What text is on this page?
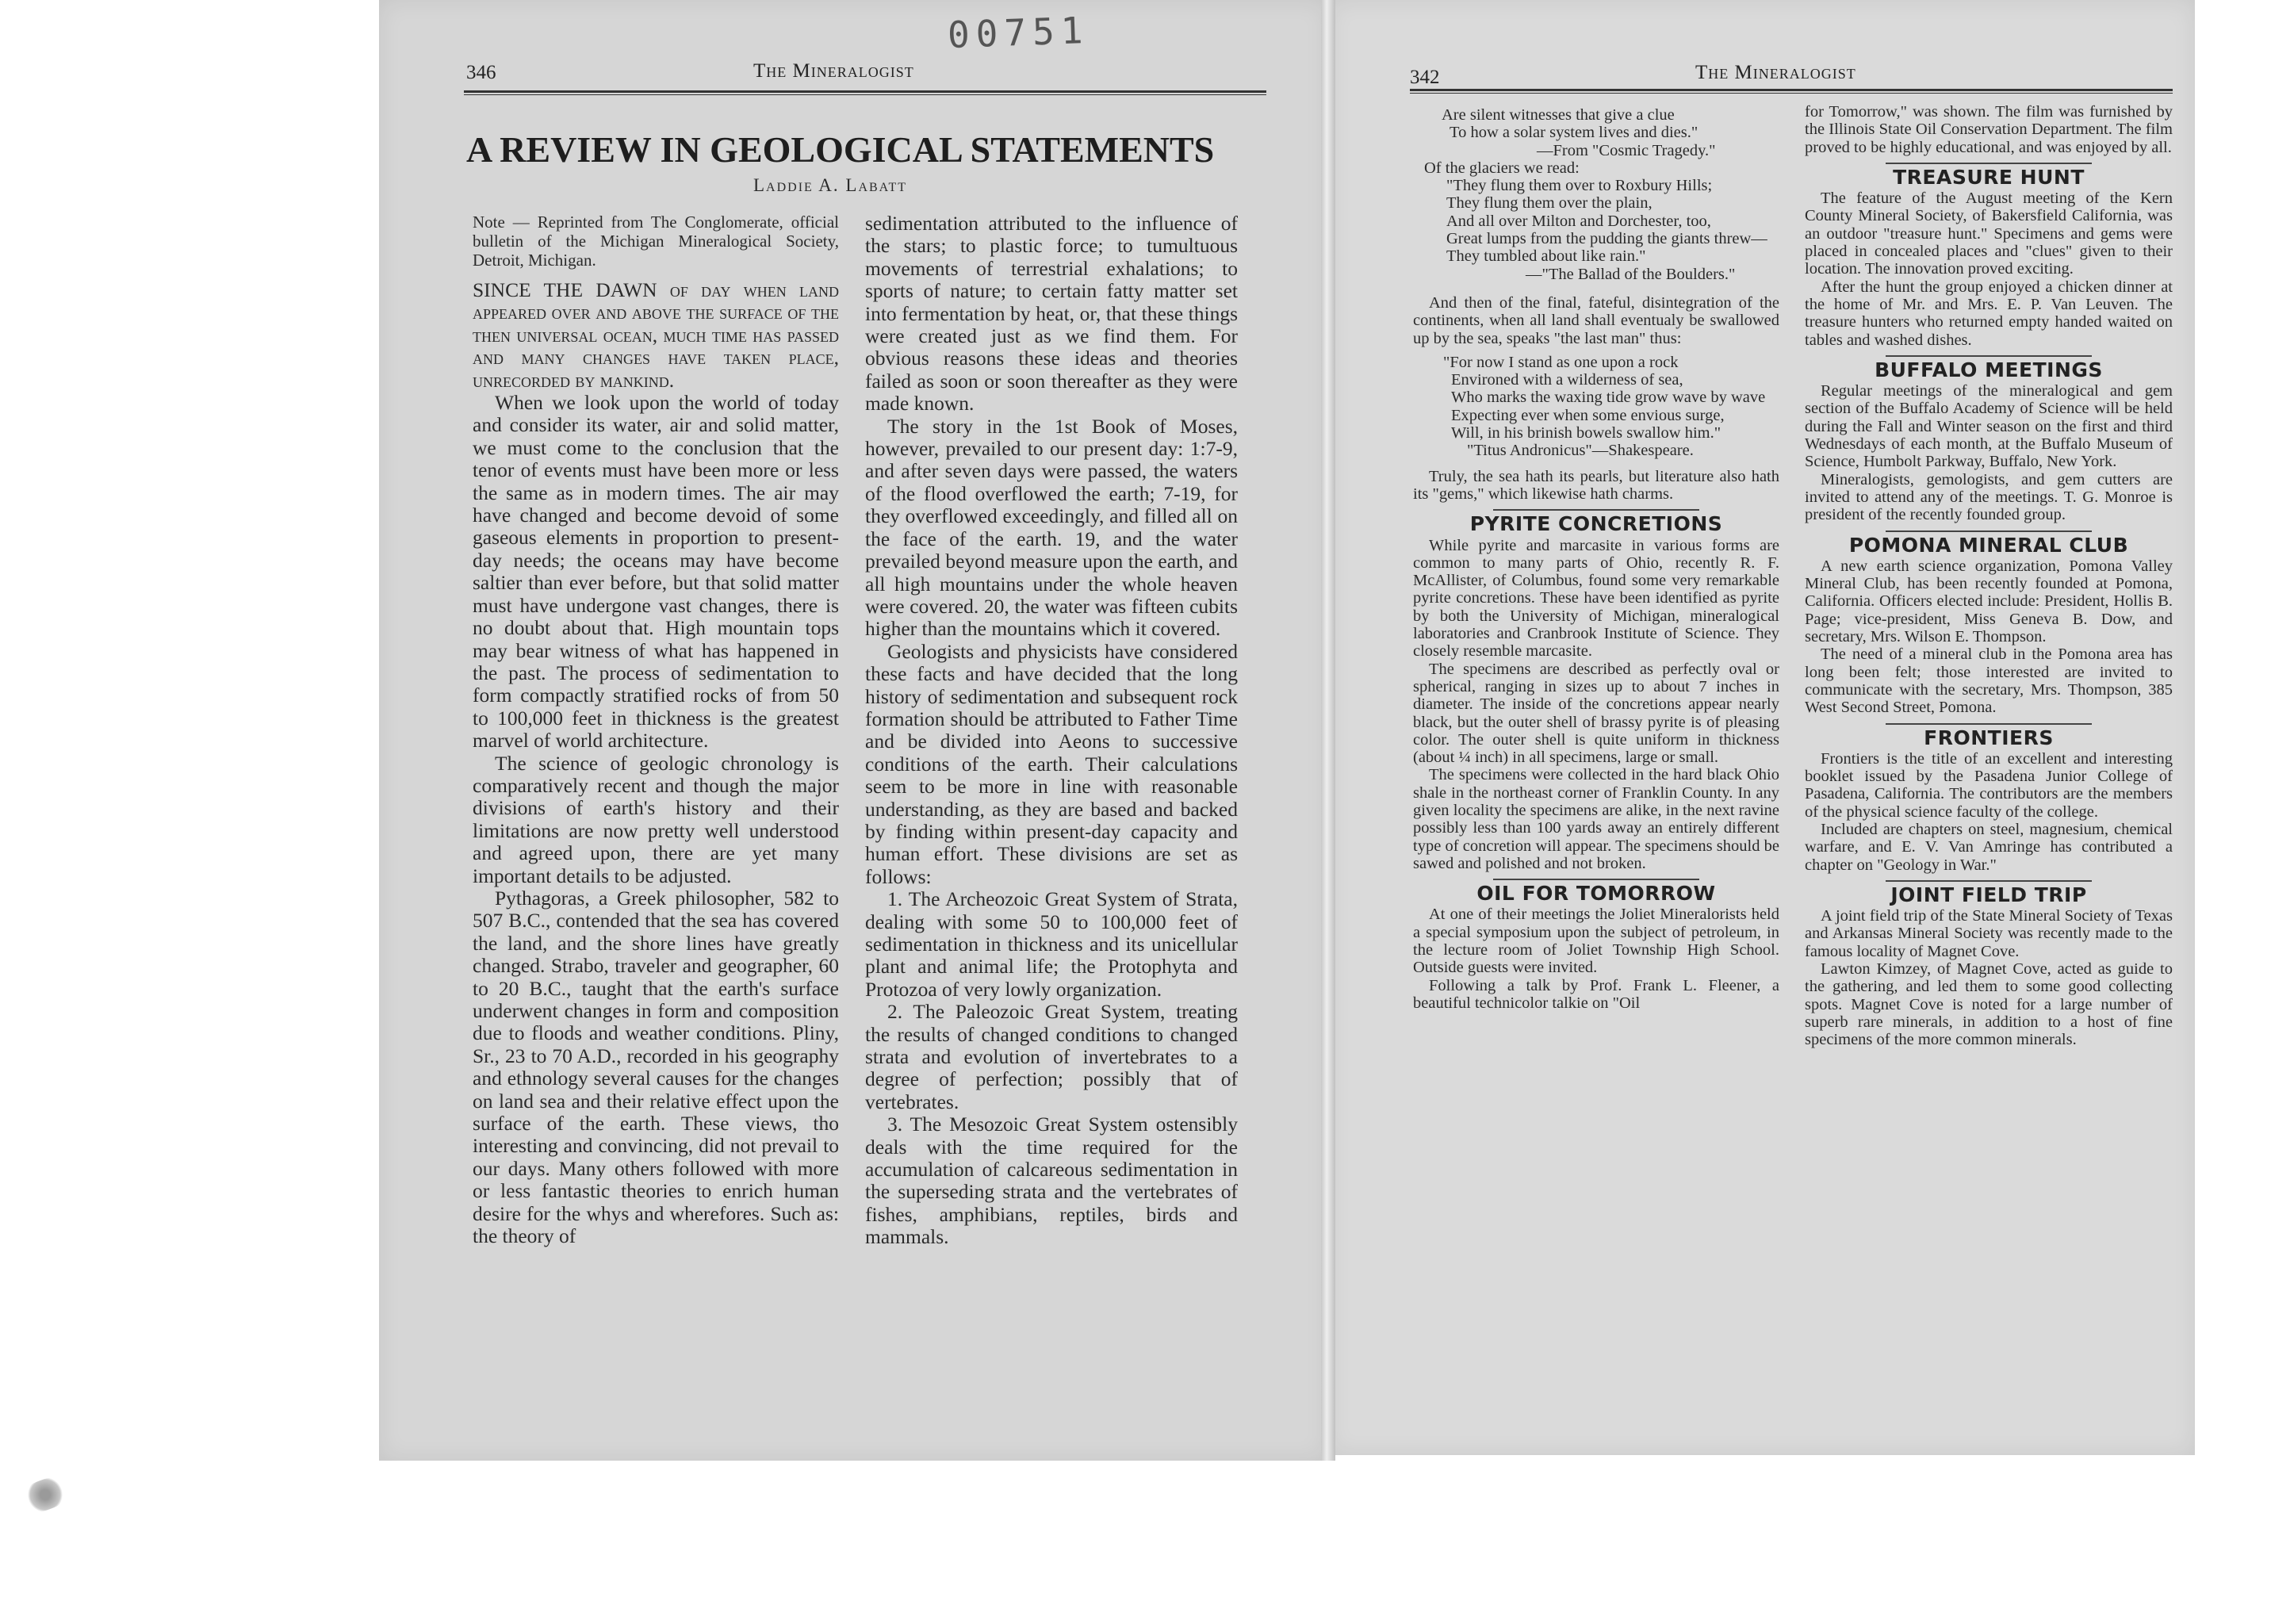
00751
346	The Mineralogist
A REVIEW IN GEOLOGICAL STATEMENTS
Laddie A. Labatt

Note — Reprinted from The Conglomerate, official bulletin of the Michigan Mineralogical Society, Detroit, Michigan.

SINCE THE DAWN of day when land appeared over and above the surface of the then universal ocean, much time has passed and many changes have taken place, unrecorded by mankind.

When we look upon the world of today and consider its water, air and solid matter, we must come to the conclusion that the tenor of events must have been more or less the same as in modern times. The air may have changed and become devoid of some gaseous elements in proportion to present-day needs; the oceans may have become saltier than ever before, but that solid matter must have undergone vast changes, there is no doubt about that. High mountain tops may bear witness of what has happened in the past. The process of sedimentation to form compactly stratified rocks of from 50 to 100,000 feet in thickness is the greatest marvel of world architecture.

The science of geologic chronology is comparatively recent and though the major divisions of earth's history and their limitations are now pretty well understood and agreed upon, there are yet many important details to be adjusted.

Pythagoras, a Greek philosopher, 582 to 507 B.C., contended that the sea has covered the land, and the shore lines have greatly changed. Strabo, traveler and geographer, 60 to 20 B.C., taught that the earth's surface underwent changes in form and composition due to floods and weather conditions. Pliny, Sr., 23 to 70 A.D., recorded in his geography and ethnology several causes for the changes on land sea and their relative effect upon the surface of the earth. These views, tho interesting and convincing, did not prevail to our days. Many others followed with more or less fantastic theories to enrich human desire for the whys and wherefores. Such as: the theory of

sedimentation attributed to the influence of the stars; to plastic force; to tumultuous movements of terrestrial exhalations; to sports of nature; to certain fatty matter set into fermentation by heat, or, that these things were created just as we find them. For obvious reasons these ideas and theories failed as soon or soon thereafter as they were made known.

The story in the 1st Book of Moses, however, prevailed to our present day: 1:7-9, and after seven days were passed, the waters of the flood overflowed the earth; 7-19, for they overflowed exceedingly, and filled all on the face of the earth. 19, and the water prevailed beyond measure upon the earth, and all high mountains under the whole heaven were covered. 20, the water was fifteen cubits higher than the mountains which it covered.

Geologists and physicists have considered these facts and have decided that the long history of sedimentation and subsequent rock formation should be attributed to Father Time and be divided into Aeons to successive conditions of the earth. Their calculations seem to be more in line with reasonable understanding, as they are based and backed by finding within present-day capacity and human effort. These divisions are set as follows:

1. The Archeozoic Great System of Strata, dealing with some 50 to 100,000 feet of sedimentation in thickness and its unicellular plant and animal life; the Protophyta and Protozoa of very lowly organization.

2. The Paleozoic Great System, treating the results of changed conditions to changed strata and evolution of invertebrates to a degree of perfection; possibly that of vertebrates.

3. The Mesozoic Great System ostensibly deals with the time required for the accumulation of calcareous sedimentation in the superseding strata and the vertebrates of fishes, amphibians, reptiles, birds and mammals.

342	The Mineralogist
Are silent witnesses that give a clue
To how a solar system lives and dies."
—From "Cosmic Tragedy."

Of the glaciers we read:

"They flung them over to Roxbury Hills;
They flung them over the plain,
And all over Milton and Dorchester, too,
Great lumps from the pudding the giants threw—
They tumbled about like rain."
—"The Ballad of the Boulders."

And then of the final, fateful, disintegration of the continents, when all land shall eventualy be swallowed up by the sea, speaks "the last man" thus:

"For now I stand as one upon a rock
Environed with a wilderness of sea,
Who marks the waxing tide grow wave by wave
Expecting ever when some envious surge,
Will, in his brinish bowels swallow him."
"Titus Andronicus"—Shakespeare.

Truly, the sea hath its pearls, but literature also hath its "gems," which likewise hath charms.

PYRITE CONCRETIONS

While pyrite and marcasite in various forms are common to many parts of Ohio, recently R. F. McAllister, of Columbus, found some very remarkable pyrite concretions. These have been identified as pyrite by both the University of Michigan, mineralogical laboratories and Cranbrook Institute of Science. They closely resemble marcasite.

The specimens are described as perfectly oval or spherical, ranging in sizes up to about 7 inches in diameter. The inside of the concretions appear nearly black, but the outer shell of brassy pyrite is of pleasing color. The outer shell is quite uniform in thickness (about ¼ inch) in all specimens, large or small.

The specimens were collected in the hard black Ohio shale in the northeast corner of Franklin County. In any given locality the specimens are alike, in the next ravine possibly less than 100 yards away an entirely different type of concretion will appear. The specimens should be sawed and polished and not broken.

OIL FOR TOMORROW

At one of their meetings the Joliet Mineralorists held a special symposium upon the subject of petroleum, in the lecture room of Joliet Township High School. Outside guests were invited.

Following a talk by Prof. Frank L. Fleener, a beautiful technicolor talkie on "Oil

for Tomorrow," was shown. The film was furnished by the Illinois State Oil Conservation Department. The film proved to be highly educational, and was enjoyed by all.

TREASURE HUNT

The feature of the August meeting of the Kern County Mineral Society, of Bakersfield California, was an outdoor "treasure hunt." Specimens and gems were placed in concealed places and "clues" given to their location. The innovation proved exciting.

After the hunt the group enjoyed a chicken dinner at the home of Mr. and Mrs. E. P. Van Leuven. The treasure hunters who returned empty handed waited on tables and washed dishes.

BUFFALO MEETINGS

Regular meetings of the mineralogical and gem section of the Buffalo Academy of Science will be held during the Fall and Winter season on the first and third Wednesdays of each month, at the Buffalo Museum of Science, Humbolt Parkway, Buffalo, New York.

Mineralogists, gemologists, and gem cutters are invited to attend any of the meetings. T. G. Monroe is president of the recently founded group.

POMONA MINERAL CLUB

A new earth science organization, Pomona Valley Mineral Club, has been recently founded at Pomona, California. Officers elected include: President, Hollis B. Page; vice-president, Miss Geneva B. Dow, and secretary, Mrs. Wilson E. Thompson.

The need of a mineral club in the Pomona area has long been felt; those interested are invited to communicate with the secretary, Mrs. Thompson, 385 West Second Street, Pomona.

FRONTIERS

Frontiers is the title of an excellent and interesting booklet issued by the Pasadena Junior College of Pasadena, California. The contributors are the members of the physical science faculty of the college.

Included are chapters on steel, magnesium, chemical warfare, and E. V. Van Amringe has contributed a chapter on "Geology in War."

JOINT FIELD TRIP

A joint field trip of the State Mineral Society of Texas and Arkansas Mineral Society was recently made to the famous locality of Magnet Cove.

Lawton Kimzey, of Magnet Cove, acted as guide to the gathering, and led them to some good collecting spots. Magnet Cove is noted for a large number of superb rare minerals, in addition to a host of fine specimens of the more common minerals.
